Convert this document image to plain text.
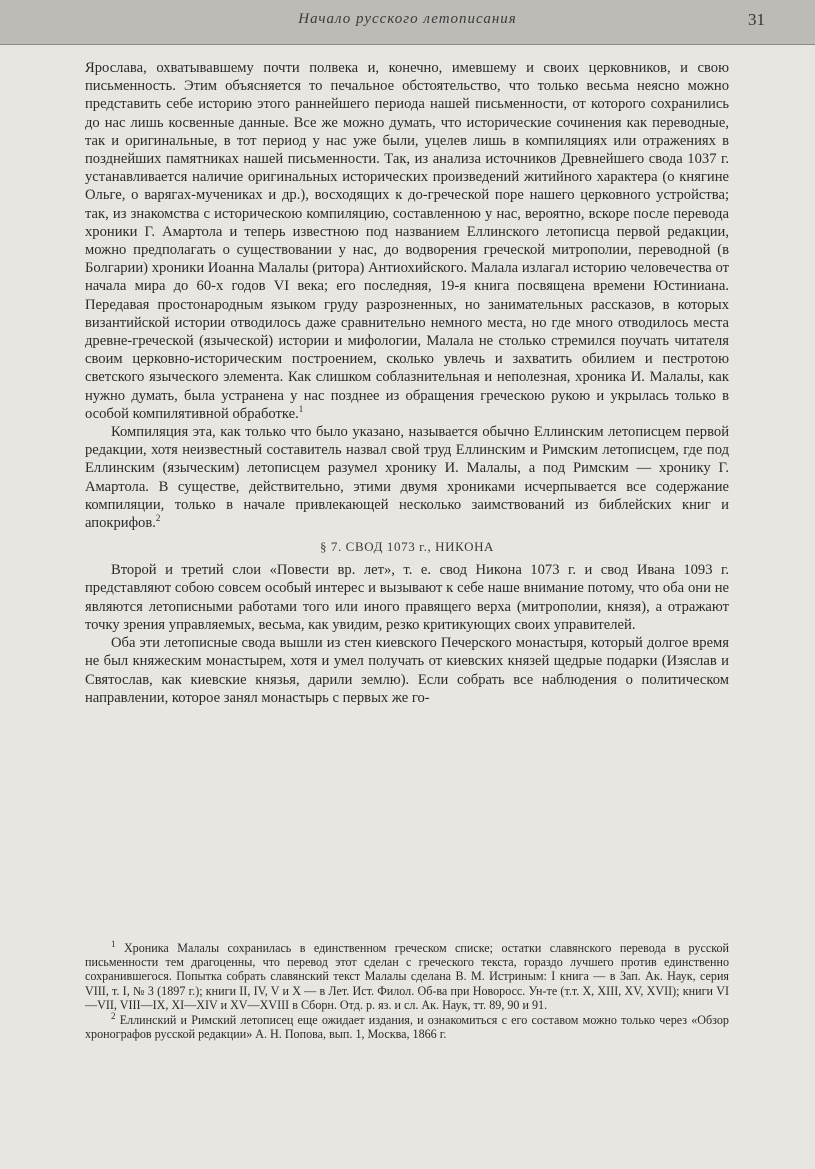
Начало русского летописания	31

Ярослава, охватывавшему почти полвека и, конечно, имевшему и своих церковников, и свою письменность. Этим объясняется то печальное обстоятельство, что только весьма неясно можно представить себе историю этого раннейшего периода нашей письменности, от которого сохранились до нас лишь косвенные данные. Все же можно думать, что исторические сочинения как переводные, так и оригинальные, в тот период у нас уже были, уцелев лишь в компиляциях или отражениях в позднейших памятниках нашей письменности. Так, из анализа источников Древнейшего свода 1037 г. устанавливается наличие оригинальных исторических произведений житийного характера (о княгине Ольге, о варягах-мучениках и др.), восходящих к до-греческой поре нашего церковного устройства; так, из знакомства с историческою компиляцию, составленною у нас, вероятно, вскоре после перевода хроники Г. Амартола и теперь известною под названием Еллинского летописца первой редакции, можно предполагать о существовании у нас, до водворения греческой митрополии, переводной (в Болгарии) хроники Иоанна Малалы (ритора) Антиохийского. Малала излагал историю человечества от начала мира до 60-х годов VI века; его последняя, 19-я книга посвящена времени Юстиниана. Передавая простонародным языком груду разрозненных, но занимательных рассказов, в которых византийской истории отводилось даже сравнительно немного места, но где много отводилось места древне-греческой (языческой) истории и мифологии, Малала не столько стремился поучать читателя своим церковно-историческим построением, сколько увлечь и захватить обилием и пестротою светского языческого элемента. Как слишком соблазнительная и неполезная, хроника И. Малалы, как нужно думать, была устранена у нас позднее из обращения греческою рукою и укрылась только в особой компилятивной обработке.$^1$

Компиляция эта, как только что было указано, называется обычно Еллинским летописцем первой редакции, хотя неизвестный составитель назвал свой труд Еллинским и Римским летописцем, где под Еллинским (языческим) летописцем разумел хронику И. Малалы, а под Римским — хронику Г. Амартола. В существе, действительно, этими двумя хрониками исчерпывается все содержание компиляции, только в начале привлекающей несколько заимствований из библейских книг и апокрифов.$^2$

§ 7. СВОД 1073 г., НИКОНА

Второй и третий слои «Повести вр. лет», т. е. свод Никона 1073 г. и свод Ивана 1093 г. представляют собою совсем особый интерес и вызывают к себе наше внимание потому, что оба они не являются летописными работами того или иного правящего верха (митрополии, князя), а отражают точку зрения управляемых, весьма, как увидим, резко критикующих своих управителей.

Оба эти летописные свода вышли из стен киевского Печерского монастыря, который долгое время не был княжеским монастырем, хотя и умел получать от киевских князей щедрые подарки (Изяслав и Святослав, как киевские князья, дарили землю). Если собрать все наблюдения о политическом направлении, которое занял монастырь с первых же го-

$^1$ Хроника Малалы сохранилась в единственном греческом списке; остатки славянского перевода в русской письменности тем драгоценны, что перевод этот сделан с греческого текста, гораздо лучшего против единственно сохранившегося. Попытка собрать славянский текст Малалы сделана В. М. Истриным: I книга — в Зап. Ак. Наук, серия VIII, т. I, № 3 (1897 г.); книги II, IV, V и X — в Лет. Ист. Филол. Об-ва при Новоросс. Ун-те (т.т. X, XIII, XV, XVII); книги VI—VII, VIII—IX, XI—XIV и XV—XVIII в Сборн. Отд. р. яз. и сл. Ак. Наук, тт. 89, 90 и 91.

$^2$ Еллинский и Римский летописец еще ожидает издания, и ознакомиться с его составом можно только через «Обзор хронографов русской редакции» А. Н. Попова, вып. 1, Москва, 1866 г.
